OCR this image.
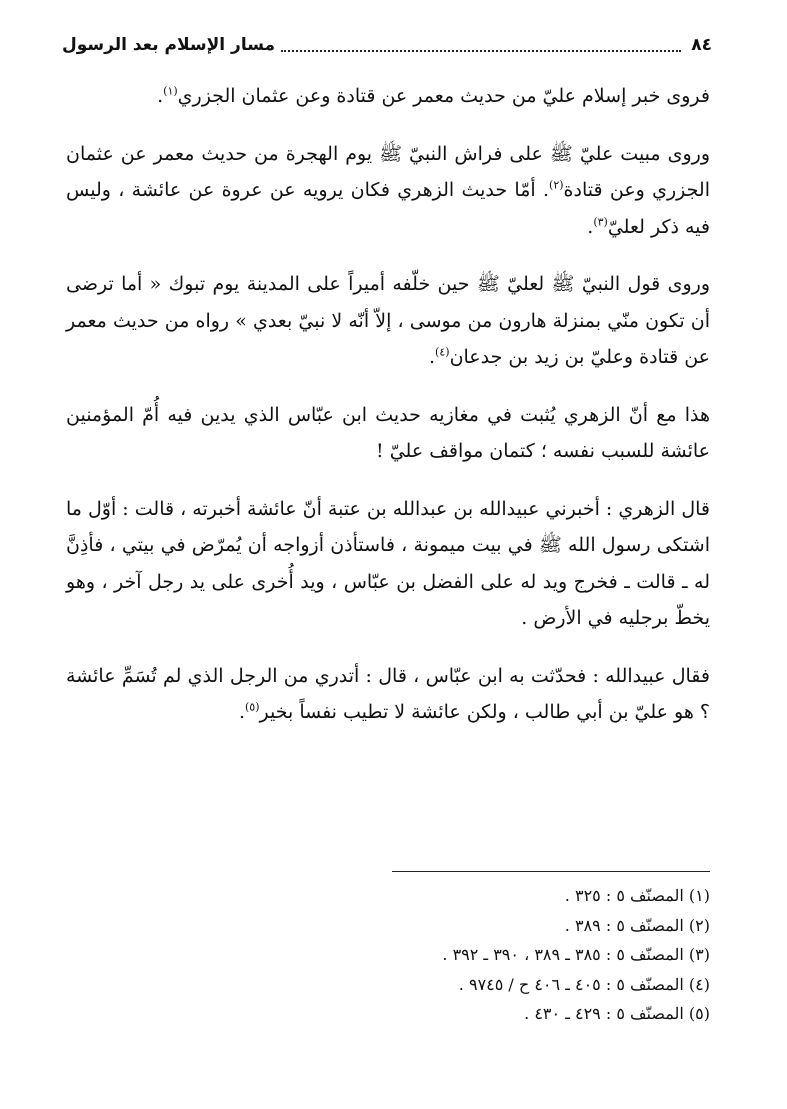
٨٤
مسار الإسلام بعد الرسول

فروى خبر إسلام عليّ من حديث معمر عن قتادة وعن عثمان الجزري$^{(١)}$.

وروى مبيت عليّ ﷺ على فراش النبيّ ﷺ يوم الهجرة من حديث معمر عن عثمان الجزري وعن قتادة$^{(٢)}$. أمّا حديث الزهري فكان يرويه عن عروة عن عائشة ، وليس فيه ذكر لعليّ$^{(٣)}$.

وروى قول النبيّ ﷺ لعليّ ﷺ حين خلّفه أميراً على المدينة يوم تبوك « أما ترضى أن تكون منّي بمنزلة هارون من موسى ، إلاّ أنّه لا نبيّ بعدي » رواه من حديث معمر عن قتادة وعليّ بن زيد بن جدعان$^{(٤)}$.

هذا مع أنّ الزهري يُثبت في مغازيه حديث ابن عبّاس الذي يدين فيه أُمّ المؤمنين عائشة للسبب نفسه ؛ كتمان مواقف عليّ !

قال الزهري : أخبرني عبيدالله بن عبدالله بن عتبة أنّ عائشة أخبرته ، قالت : أوّل ما اشتكى رسول الله ﷺ في بيت ميمونة ، فاستأذن أزواجه أن يُمرّض في بيتي ، فأذِنَّ له ـ قالت ـ فخرج ويد له على الفضل بن عبّاس ، ويد أُخرى على يد رجل آخر ، وهو يخطّ برجليه في الأرض .

فقال عبيدالله : فحدّثت به ابن عبّاس ، قال : أتدري من الرجل الذي لم تُسَمِّ عائشة ؟ هو عليّ بن أبي طالب ، ولكن عائشة لا تطيب نفساً بخير$^{(٥)}$.

(١) المصنّف ٥ : ٣٢٥ .
(٢) المصنّف ٥ : ٣٨٩ .
(٣) المصنّف ٥ : ٣٨٥ ـ ٣٨٩ ، ٣٩٠ ـ ٣٩٢ .
(٤) المصنّف ٥ : ٤٠٥ ـ ٤٠٦ ح / ٩٧٤٥ .
(٥) المصنّف ٥ : ٤٢٩ ـ ٤٣٠ .
